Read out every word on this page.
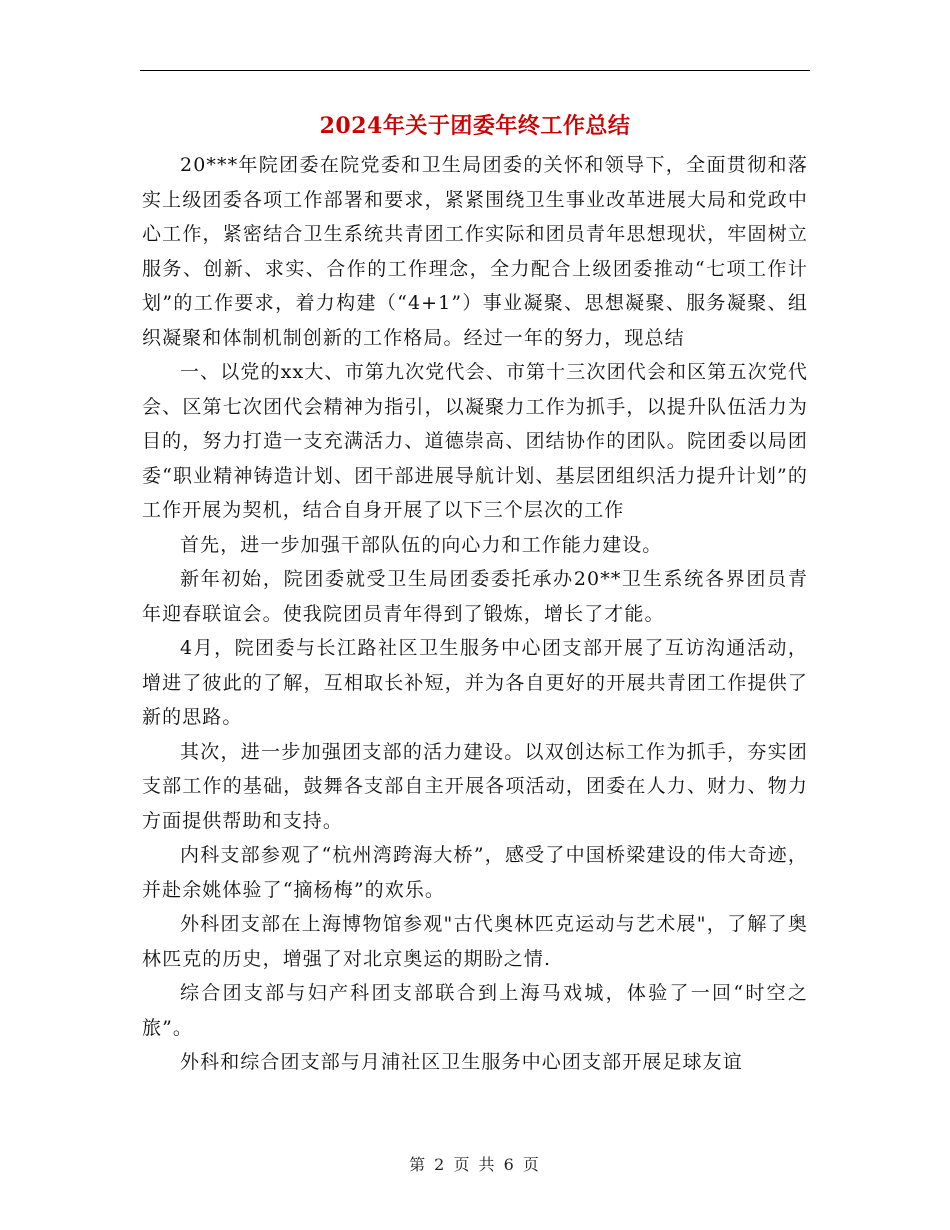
2024年关于团委年终工作总结

20***年院团委在院党委和卫生局团委的关怀和领导下，全面贯彻和落实上级团委各项工作部署和要求，紧紧围绕卫生事业改革进展大局和党政中心工作，紧密结合卫生系统共青团工作实际和团员青年思想现状，牢固树立服务、创新、求实、合作的工作理念，全力配合上级团委推动“七项工作计划”的工作要求，着力构建（“4+1”）事业凝聚、思想凝聚、服务凝聚、组织凝聚和体制机制创新的工作格局。经过一年的努力，现总结

一、以党的xx大、市第九次党代会、市第十三次团代会和区第五次党代会、区第七次团代会精神为指引，以凝聚力工作为抓手，以提升队伍活力为目的，努力打造一支充满活力、道德崇高、团结协作的团队。院团委以局团委“职业精神铸造计划、团干部进展导航计划、基层团组织活力提升计划”的工作开展为契机，结合自身开展了以下三个层次的工作

首先，进一步加强干部队伍的向心力和工作能力建设。

新年初始，院团委就受卫生局团委委托承办20**卫生系统各界团员青年迎春联谊会。使我院团员青年得到了锻炼，增长了才能。

4月，院团委与长江路社区卫生服务中心团支部开展了互访沟通活动，增进了彼此的了解，互相取长补短，并为各自更好的开展共青团工作提供了新的思路。

其次，进一步加强团支部的活力建设。以双创达标工作为抓手，夯实团支部工作的基础，鼓舞各支部自主开展各项活动，团委在人力、财力、物力方面提供帮助和支持。

内科支部参观了“杭州湾跨海大桥”，感受了中国桥梁建设的伟大奇迹，并赴余姚体验了“摘杨梅”的欢乐。

外科团支部在上海博物馆参观"古代奥林匹克运动与艺术展"，了解了奥林匹克的历史，增强了对北京奥运的期盼之情.

综合团支部与妇产科团支部联合到上海马戏城，体验了一回“时空之旅”。

外科和综合团支部与月浦社区卫生服务中心团支部开展足球友谊

第 2 页 共 6 页
